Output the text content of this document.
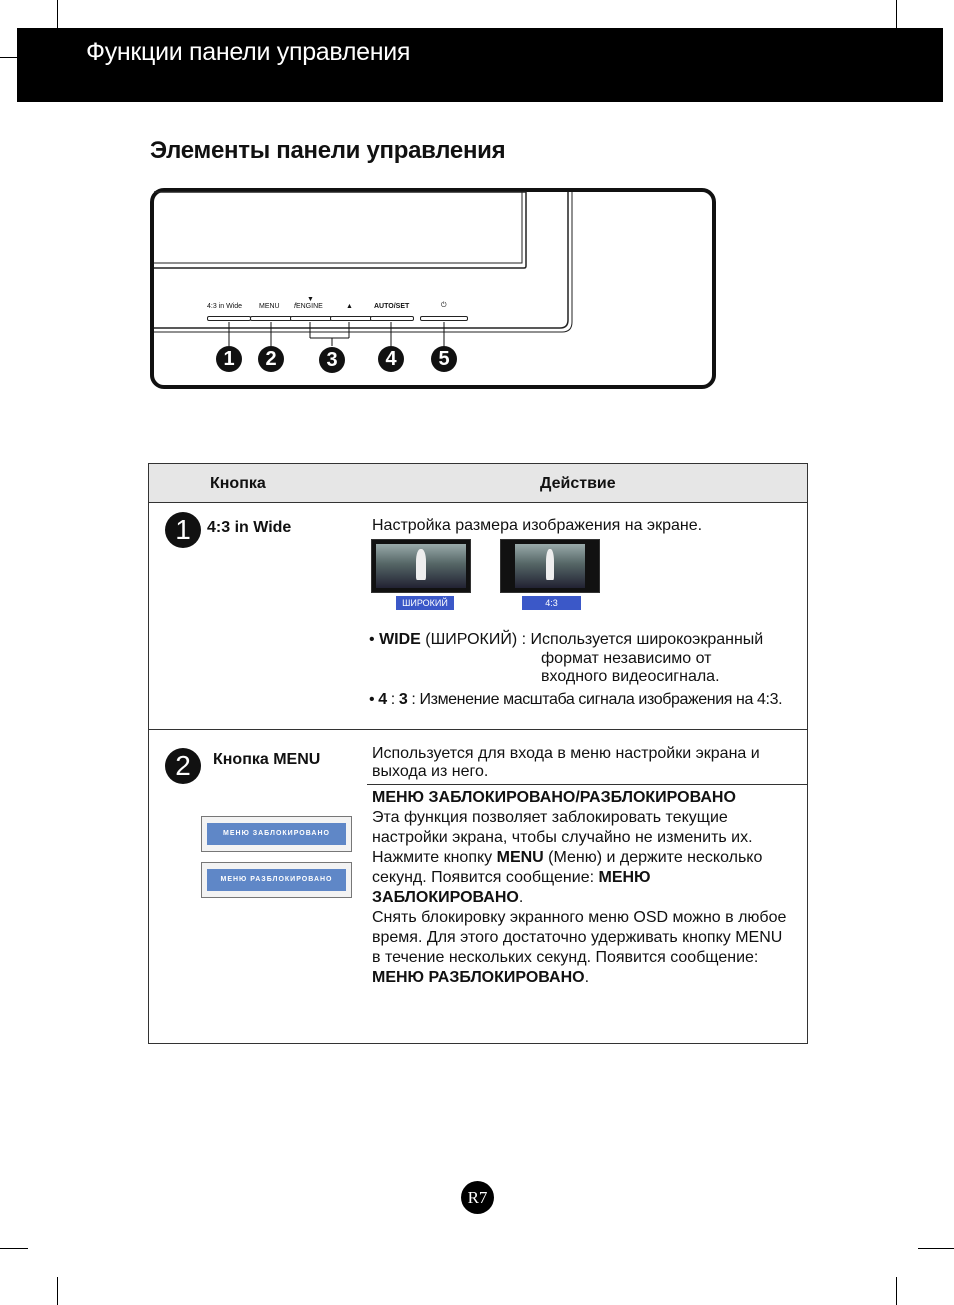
Функции панели управления
Элементы панели управления
4:3 in Wide MENU
▼
fENGINE	▲	AUTO/SET	⏻
1	2	3	4	5
Кнопка	Действие
1	4:3 in Wide	Настройка размера изображения на экране.
ШИРОКИЙ	4:3
• WIDE (ШИРОКИЙ) : Используется широкоэкранный
формат независимо от
входного видеосигнала.
• 4 : 3 : Изменение масштаба сигнала изображения на 4:3.
2	Кнопка MENU	Используется для входа в меню настройки экрана и
выхода из него.
МЕНЮ ЗАБЛОКИРОВАНО
МЕНЮ РАЗБЛОКИРОВАНО
МЕНЮ ЗАБЛОКИРОВАНО/РАЗБЛОКИРОВАНО
Эта функция позволяет заблокировать текущие
настройки экрана, чтобы случайно не изменить их.
Нажмите кнопку MENU (Меню) и держите несколько
секунд. Появится сообщение: МЕНЮ
ЗАБЛОКИРОВАНО.
Снять блокировку экранного меню OSD можно в любое
время. Для этого достаточно удерживать кнопку MENU
в течение нескольких секунд. Появится сообщение:
МЕНЮ РАЗБЛОКИРОВАНО.
R7
